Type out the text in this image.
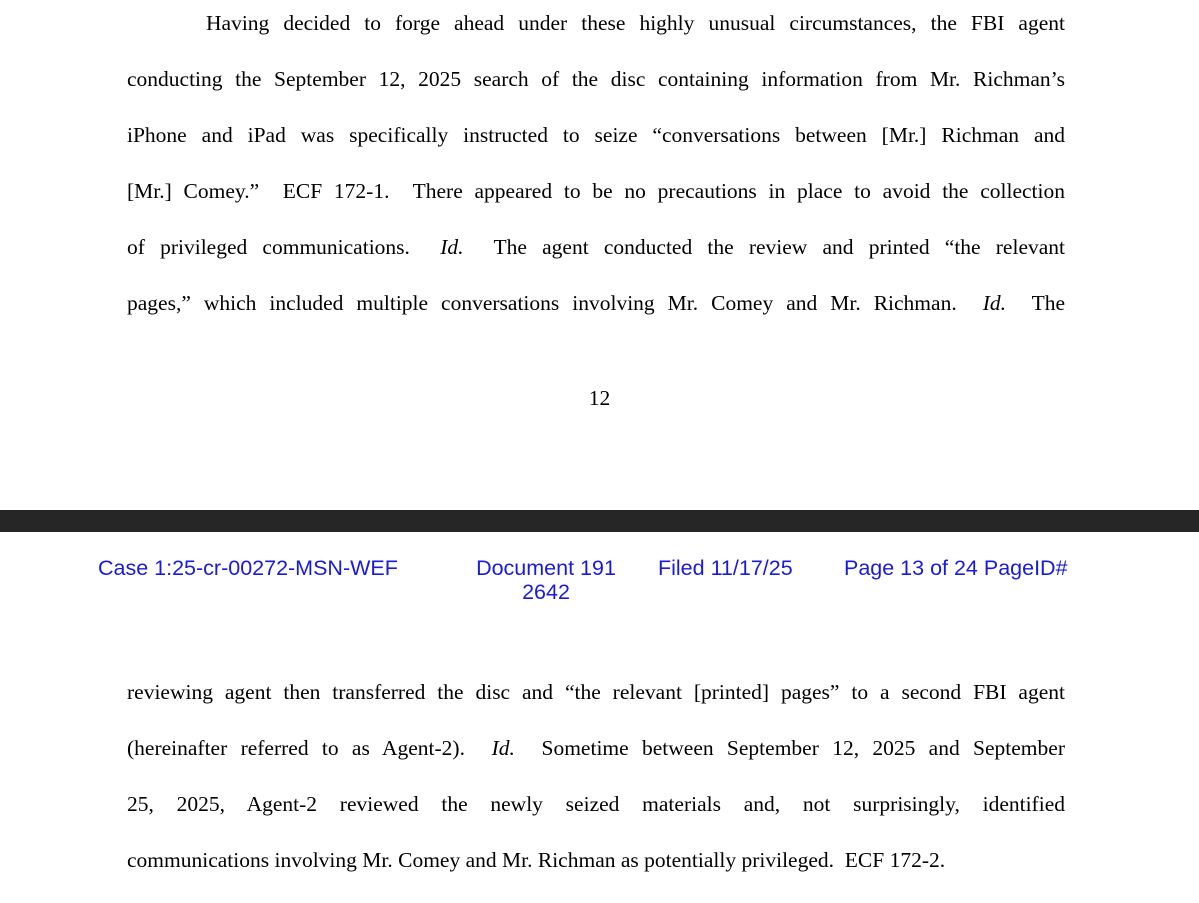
Having decided to forge ahead under these highly unusual circumstances, the FBI agent
conducting the September 12, 2025 search of the disc containing information from Mr. Richman’s
iPhone and iPad was specifically instructed to seize “conversations between [Mr.] Richman and
[Mr.] Comey.”  ECF 172-1.  There appeared to be no precautions in place to avoid the collection
of privileged communications.  Id.  The agent conducted the review and printed “the relevant
pages,” which included multiple conversations involving Mr. Comey and Mr. Richman.  Id.  The

12

Case 1:25-cr-00272-MSN-WEF	Document 191
2642
Filed 11/17/25 Page 13 of 24 PageID#
reviewing agent then transferred the disc and “the relevant [printed] pages” to a second FBI agent
(hereinafter referred to as Agent-2).  Id.  Sometime between September 12, 2025 and September
25, 2025, Agent-2 reviewed the newly seized materials and, not surprisingly, identified
communications involving Mr. Comey and Mr. Richman as potentially privileged.  ECF 172-2.
